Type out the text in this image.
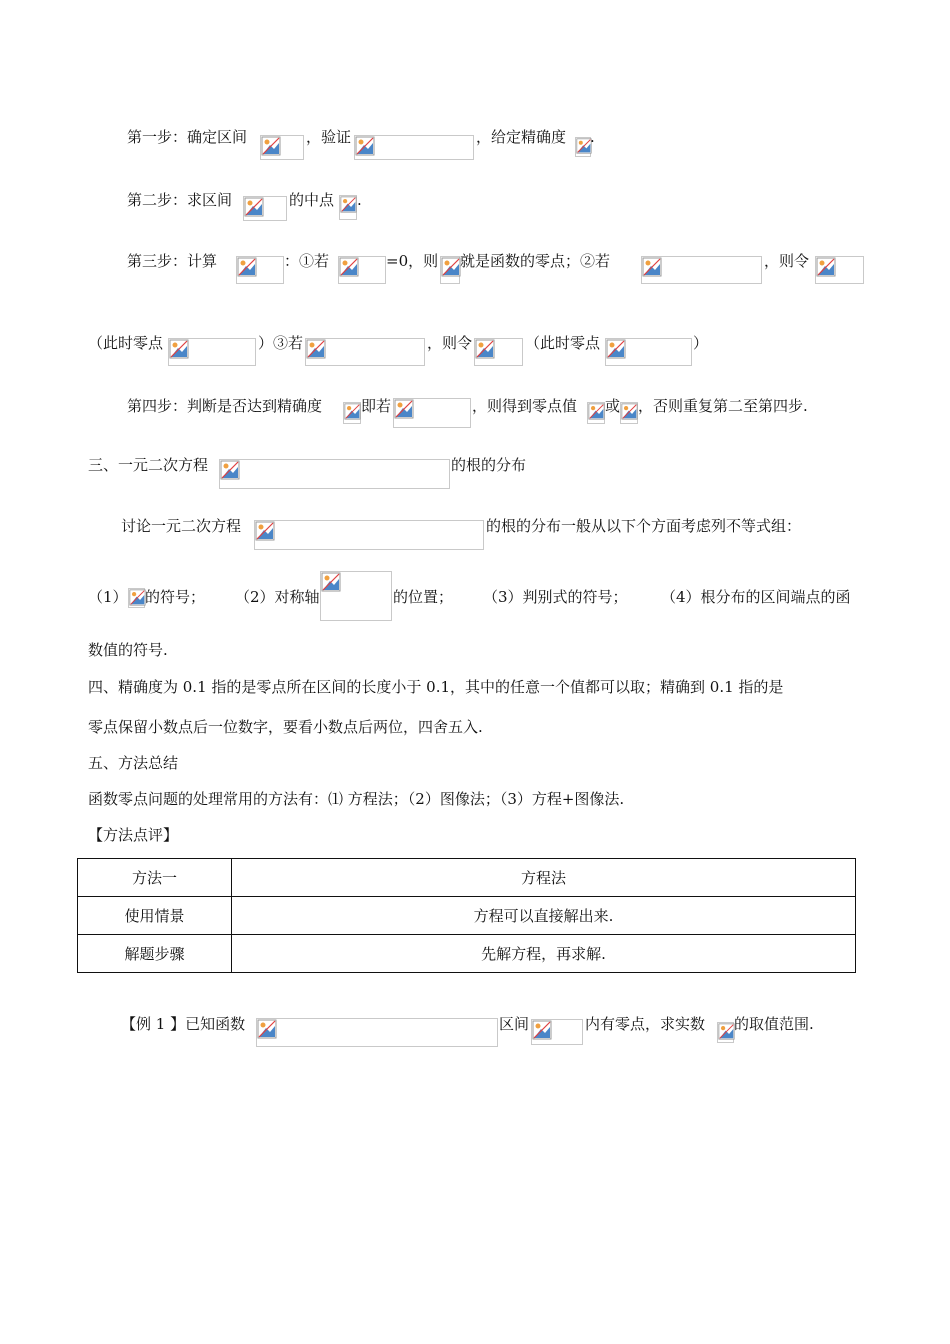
第一步：确定区间	，验证	，给定精确度 .
第二步：求区间	的中点 .
第三步：计算	：①若	=0，则 就是函数的零点；②若	，则令
（此时零点	）③若	，则令	（此时零点	）
第四步：判断是否达到精确度	即若	，则得到零点值 或 ，否则重复第二至第四步.
三、一元二次方程	的根的分布
讨论一元二次方程	的根的分布一般从以下个方面考虑列不等式组：
（1） 的符号； （2）对称轴	的位置； （3）判别式的符号； （4）根分布的区间端点的函
数值的符号.
四、精确度为 0.1 指的是零点所在区间的长度小于 0.1，其中的任意一个值都可以取；精确到 0.1 指的是
零点保留小数点后一位数字，要看小数点后两位，四舍五入.
五、方法总结
函数零点问题的处理常用的方法有：⑴ 方程法；（2）图像法；（3）方程+图像法.
【方法点评】
方法一	方程法
使用情景	方程可以直接解出来.
解题步骤	先解方程，再求解.
【例 1 】已知函数	区间	内有零点，求实数 的取值范围.
